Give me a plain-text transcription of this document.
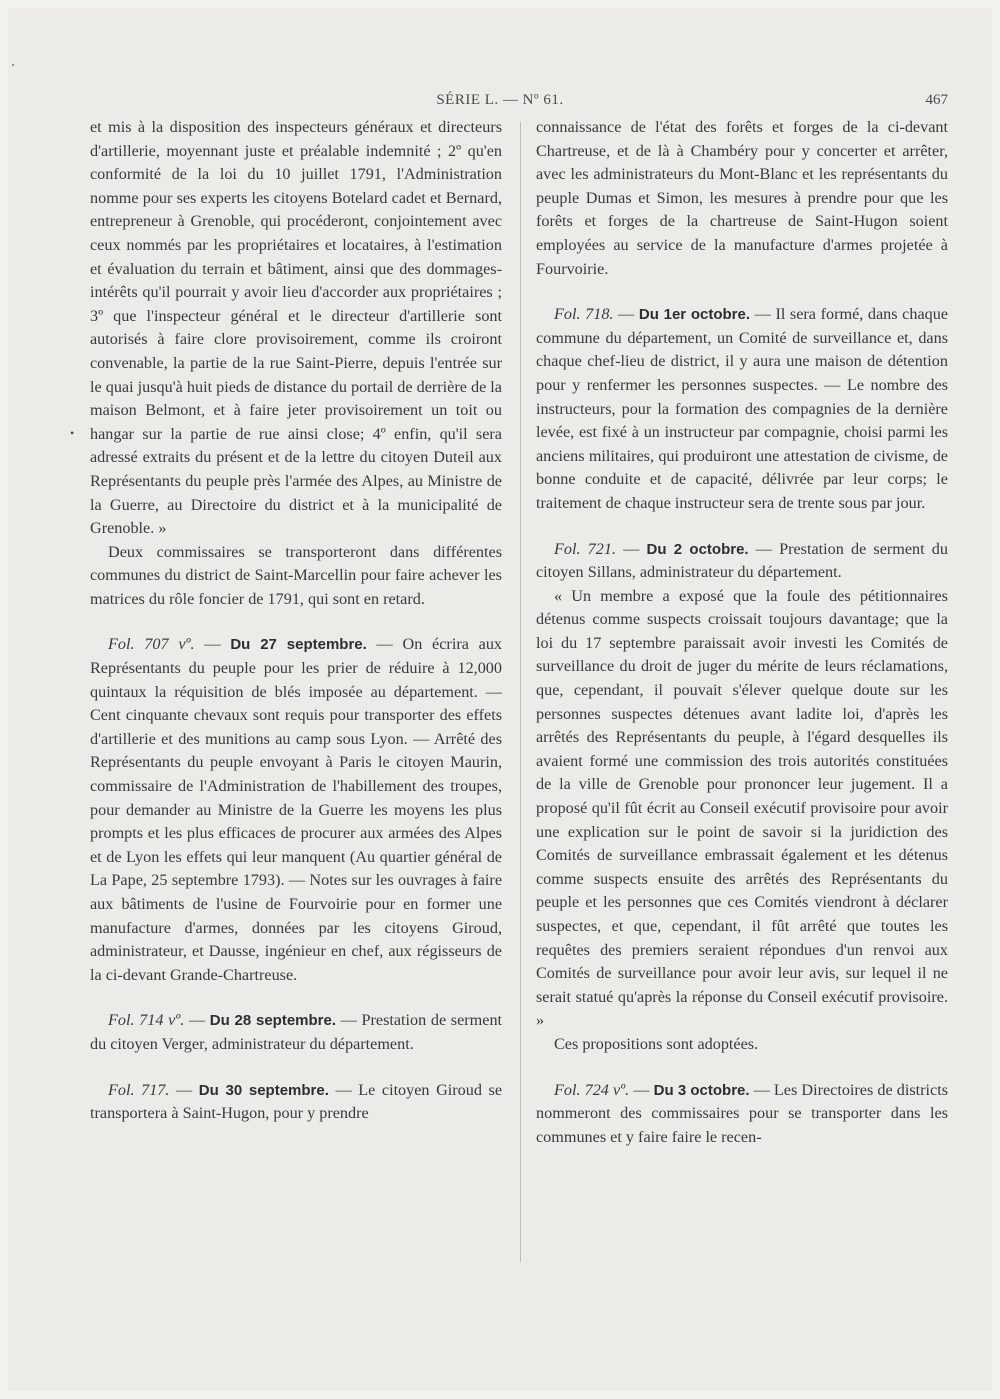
SÉRIE L. — Nº 61.	467
•

et mis à la disposition des inspecteurs généraux et directeurs d'artillerie, moyennant juste et préalable indemnité ; 2º qu'en conformité de la loi du 10 juillet 1791, l'Administration nomme pour ses experts les citoyens Botelard cadet et Bernard, entrepreneur à Grenoble, qui procéderont, conjointement avec ceux nommés par les propriétaires et locataires, à l'estimation et évaluation du terrain et bâtiment, ainsi que des dommages-intérêts qu'il pourrait y avoir lieu d'accorder aux propriétaires ; 3º que l'inspecteur général et le directeur d'artillerie sont autorisés à faire clore provisoirement, comme ils croiront convenable, la partie de la rue Saint-Pierre, depuis l'entrée sur le quai jusqu'à huit pieds de distance du portail de derrière de la maison Belmont, et à faire jeter provisoirement un toit ou hangar sur la partie de rue ainsi close; 4º enfin, qu'il sera adressé extraits du présent et de la lettre du citoyen Duteil aux Représentants du peuple près l'armée des Alpes, au Ministre de la Guerre, au Directoire du district et à la municipalité de Grenoble. »

Deux commissaires se transporteront dans différentes communes du district de Saint-Marcellin pour faire achever les matrices du rôle foncier de 1791, qui sont en retard.

Fol. 707 vº. — Du 27 septembre. — On écrira aux Représentants du peuple pour les prier de réduire à 12,000 quintaux la réquisition de blés imposée au département. — Cent cinquante chevaux sont requis pour transporter des effets d'artillerie et des munitions au camp sous Lyon. — Arrêté des Représentants du peuple envoyant à Paris le citoyen Maurin, commissaire de l'Administration de l'habillement des troupes, pour demander au Ministre de la Guerre les moyens les plus prompts et les plus efficaces de procurer aux armées des Alpes et de Lyon les effets qui leur manquent (Au quartier général de La Pape, 25 septembre 1793). — Notes sur les ouvrages à faire aux bâtiments de l'usine de Fourvoirie pour en former une manufacture d'armes, données par les citoyens Giroud, administrateur, et Dausse, ingénieur en chef, aux régisseurs de la ci-devant Grande-Chartreuse.

Fol. 714 vº. — Du 28 septembre. — Prestation de serment du citoyen Verger, administrateur du département.

Fol. 717. — Du 30 septembre. — Le citoyen Giroud se transportera à Saint-Hugon, pour y prendre

connaissance de l'état des forêts et forges de la ci-devant Chartreuse, et de là à Chambéry pour y concerter et arrêter, avec les administrateurs du Mont-Blanc et les représentants du peuple Dumas et Simon, les mesures à prendre pour que les forêts et forges de la chartreuse de Saint-Hugon soient employées au service de la manufacture d'armes projetée à Fourvoirie.

Fol. 718. — Du 1er octobre. — Il sera formé, dans chaque commune du département, un Comité de surveillance et, dans chaque chef-lieu de district, il y aura une maison de détention pour y renfermer les personnes suspectes. — Le nombre des instructeurs, pour la formation des compagnies de la dernière levée, est fixé à un instructeur par compagnie, choisi parmi les anciens militaires, qui produiront une attestation de civisme, de bonne conduite et de capacité, délivrée par leur corps; le traitement de chaque instructeur sera de trente sous par jour.

Fol. 721. — Du 2 octobre. — Prestation de serment du citoyen Sillans, administrateur du département.

« Un membre a exposé que la foule des pétitionnaires détenus comme suspects croissait toujours davantage; que la loi du 17 septembre paraissait avoir investi les Comités de surveillance du droit de juger du mérite de leurs réclamations, que, cependant, il pouvait s'élever quelque doute sur les personnes suspectes détenues avant ladite loi, d'après les arrêtés des Représentants du peuple, à l'égard desquelles ils avaient formé une commission des trois autorités constituées de la ville de Grenoble pour prononcer leur jugement. Il a proposé qu'il fût écrit au Conseil exécutif provisoire pour avoir une explication sur le point de savoir si la juridiction des Comités de surveillance embrassait également et les détenus comme suspects ensuite des arrêtés des Représentants du peuple et les personnes que ces Comités viendront à déclarer suspectes, et que, cependant, il fût arrêté que toutes les requêtes des premiers seraient répondues d'un renvoi aux Comités de surveillance pour avoir leur avis, sur lequel il ne serait statué qu'après la réponse du Conseil exécutif provisoire. »

Ces propositions sont adoptées.

Fol. 724 vº. — Du 3 octobre. — Les Directoires de districts nommeront des commissaires pour se transporter dans les communes et y faire faire le recen-
